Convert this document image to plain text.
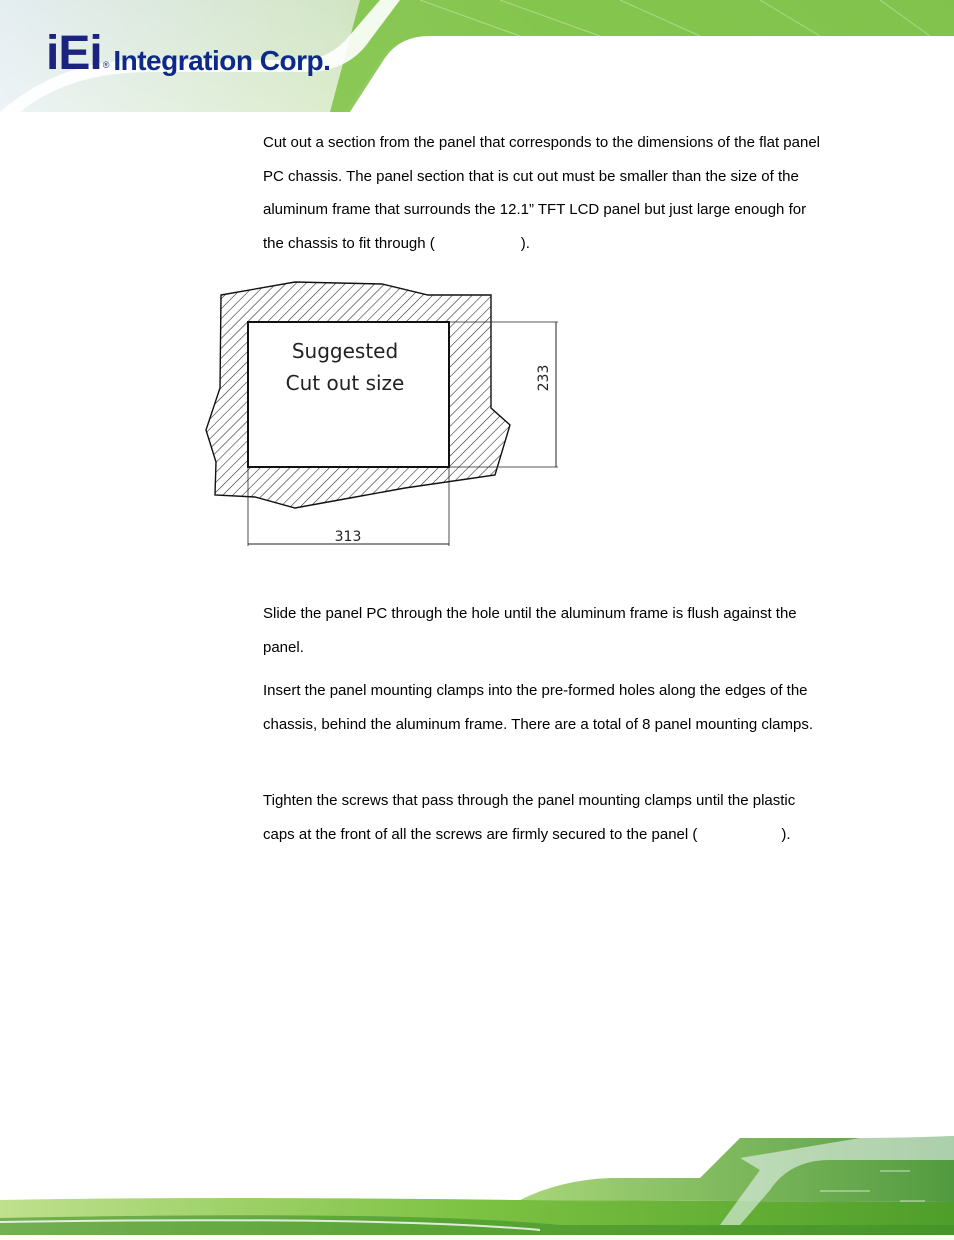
iEi ® Integration Corp.

Cut out a section from the panel that corresponds to the dimensions of the flat panel PC chassis. The panel section that is cut out must be smaller than the size of the aluminum frame that surrounds the 12.1” TFT LCD panel but just large enough for the chassis to fit through (	).

Suggested
Cut out size
313
233

Slide the panel PC through the hole until the aluminum frame is flush against the panel.

Insert the panel mounting clamps into the pre-formed holes along the edges of the chassis, behind the aluminum frame. There are a total of 8 panel mounting clamps.

Tighten the screws that pass through the panel mounting clamps until the plastic caps at the front of all the screws are firmly secured to the panel (	).
